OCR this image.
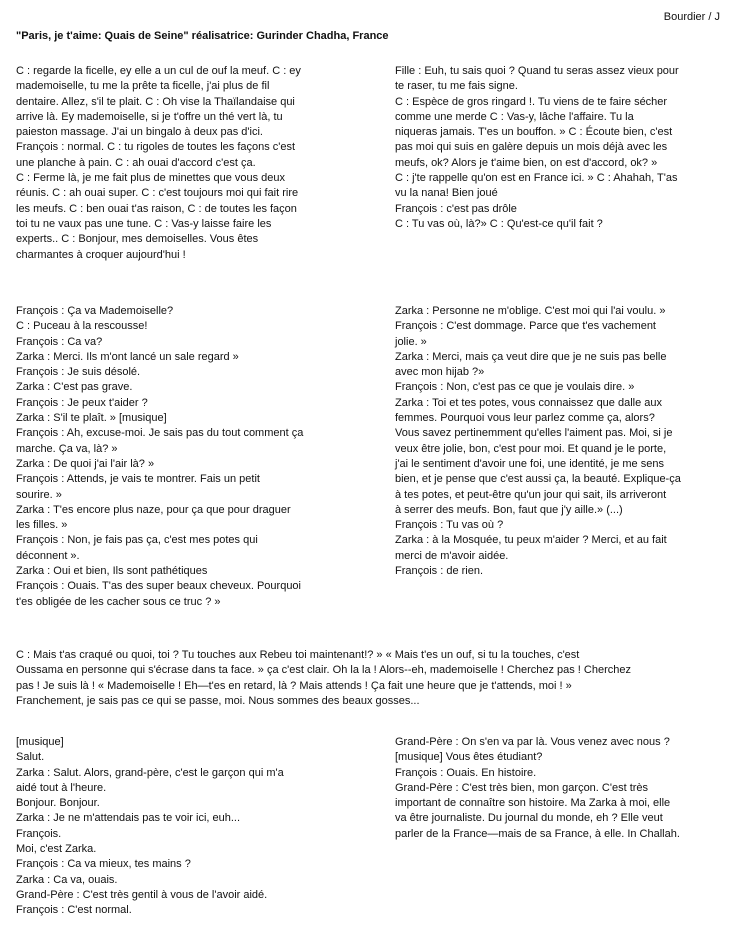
Bourdier / J
"Paris, je t'aime: Quais de Seine" réalisatrice: Gurinder Chadha, France

C : regarde la ficelle, ey elle a un cul de ouf la meuf. C : ey

mademoiselle, tu me la prête ta ficelle, j'ai plus de fil

dentaire. Allez, s'il te plait. C : Oh vise la Thaïlandaise qui

arrive là. Ey mademoiselle, si je t'offre un thé vert là, tu

paieston massage. J'ai un bingalo à deux pas d'ici.

François : normal. C : tu rigoles de toutes les façons c'est

une planche à pain. C : ah ouai d'accord c'est ça.

C : Ferme là, je me fait plus de minettes que vous deux

réunis. C : ah ouai super. C : c'est toujours moi qui fait rire

les meufs. C : ben ouai t'as raison, C : de toutes les façon

toi tu ne vaux pas une tune. C : Vas-y laisse faire les

experts.. C : Bonjour, mes demoiselles. Vous êtes

charmantes à croquer aujourd'hui !

Fille : Euh, tu sais quoi ? Quand tu seras assez vieux pour

te raser, tu me fais signe.

C : Espèce de gros ringard !. Tu viens de te faire sécher

comme une merde C : Vas-y, lâche l'affaire. Tu la

niqueras jamais. T'es un bouffon. » C : Écoute bien, c'est

pas moi qui suis en galère depuis un mois déjà avec les

meufs, ok? Alors je t'aime bien, on est d'accord, ok? »

C : j'te rappelle qu'on est en France ici. » C : Ahahah, T'as

vu la nana! Bien joué

François : c'est pas drôle

C : Tu vas où, là?» C : Qu'est-ce qu'il fait ?

François : Ça va Mademoiselle?

C : Puceau à la rescousse!

François : Ca va?

Zarka : Merci. Ils m'ont lancé un sale regard »

François : Je suis désolé.

Zarka : C'est pas grave.

François : Je peux t'aider ?

Zarka : S'il te plaît. » [musique]

François : Ah, excuse-moi. Je sais pas du tout comment ça

marche. Ça va, là? »

Zarka : De quoi j'ai l'air là? »

François : Attends, je vais te montrer. Fais un petit

sourire. »

Zarka : T'es encore plus naze, pour ça que pour draguer

les filles. »

François : Non, je fais pas ça, c'est mes potes qui

déconnent ».

Zarka : Oui et bien, Ils sont pathétiques

François : Ouais. T'as des super beaux cheveux. Pourquoi

t'es obligée de les cacher sous ce truc ? »

Zarka : Personne ne m'oblige. C'est moi qui l'ai voulu. »

François : C'est dommage. Parce que t'es vachement

jolie. »

Zarka : Merci, mais ça veut dire que je ne suis pas belle

avec mon hijab ?»

François : Non, c'est pas ce que je voulais dire. »

Zarka : Toi et tes potes, vous connaissez que dalle aux

femmes. Pourquoi vous leur parlez comme ça, alors?

Vous savez pertinemment qu'elles l'aiment pas. Moi, si je

veux être jolie, bon, c'est pour moi. Et quand je le porte,

j'ai le sentiment d'avoir une foi, une identité, je me sens

bien, et je pense que c'est aussi ça, la beauté. Explique-ça

à tes potes, et peut-être qu'un jour qui sait, ils arriveront

à serrer des meufs. Bon, faut que j'y aille.» (...)

François : Tu vas où ?

Zarka : à la Mosquée, tu peux m'aider ? Merci, et au fait

merci de m'avoir aidée.

François : de rien.

C : Mais t'as craqué ou quoi, toi ? Tu touches aux Rebeu toi maintenant!? » « Mais t'es un ouf, si tu la touches, c'est

Oussama en personne qui s'écrase dans ta face. » ça c'est clair. Oh la la ! Alors--eh, mademoiselle ! Cherchez pas ! Cherchez

pas ! Je suis là ! « Mademoiselle ! Eh—t'es en retard, là ? Mais attends ! Ça fait une heure que je t'attends, moi ! »

Franchement, je sais pas ce qui se passe, moi. Nous sommes des beaux gosses...

[musique]

Salut.

Zarka : Salut. Alors, grand-père, c'est le garçon qui m'a

aidé tout à l'heure.

Bonjour. Bonjour.

Zarka : Je ne m'attendais pas te voir ici, euh...

François.

Moi, c'est Zarka.

François : Ca va mieux, tes mains ?

Zarka : Ca va, ouais.

Grand-Père : C'est très gentil à vous de l'avoir aidé.

François : C'est normal.

Grand-Père : On s'en va par là. Vous venez avec nous ?

[musique] Vous êtes étudiant?

François : Ouais. En histoire.

Grand-Père : C'est très bien, mon garçon. C'est très

important de connaître son histoire. Ma Zarka à moi, elle

va être journaliste. Du journal du monde, eh ? Elle veut

parler de la France—mais de sa France, à elle. In Challah.
